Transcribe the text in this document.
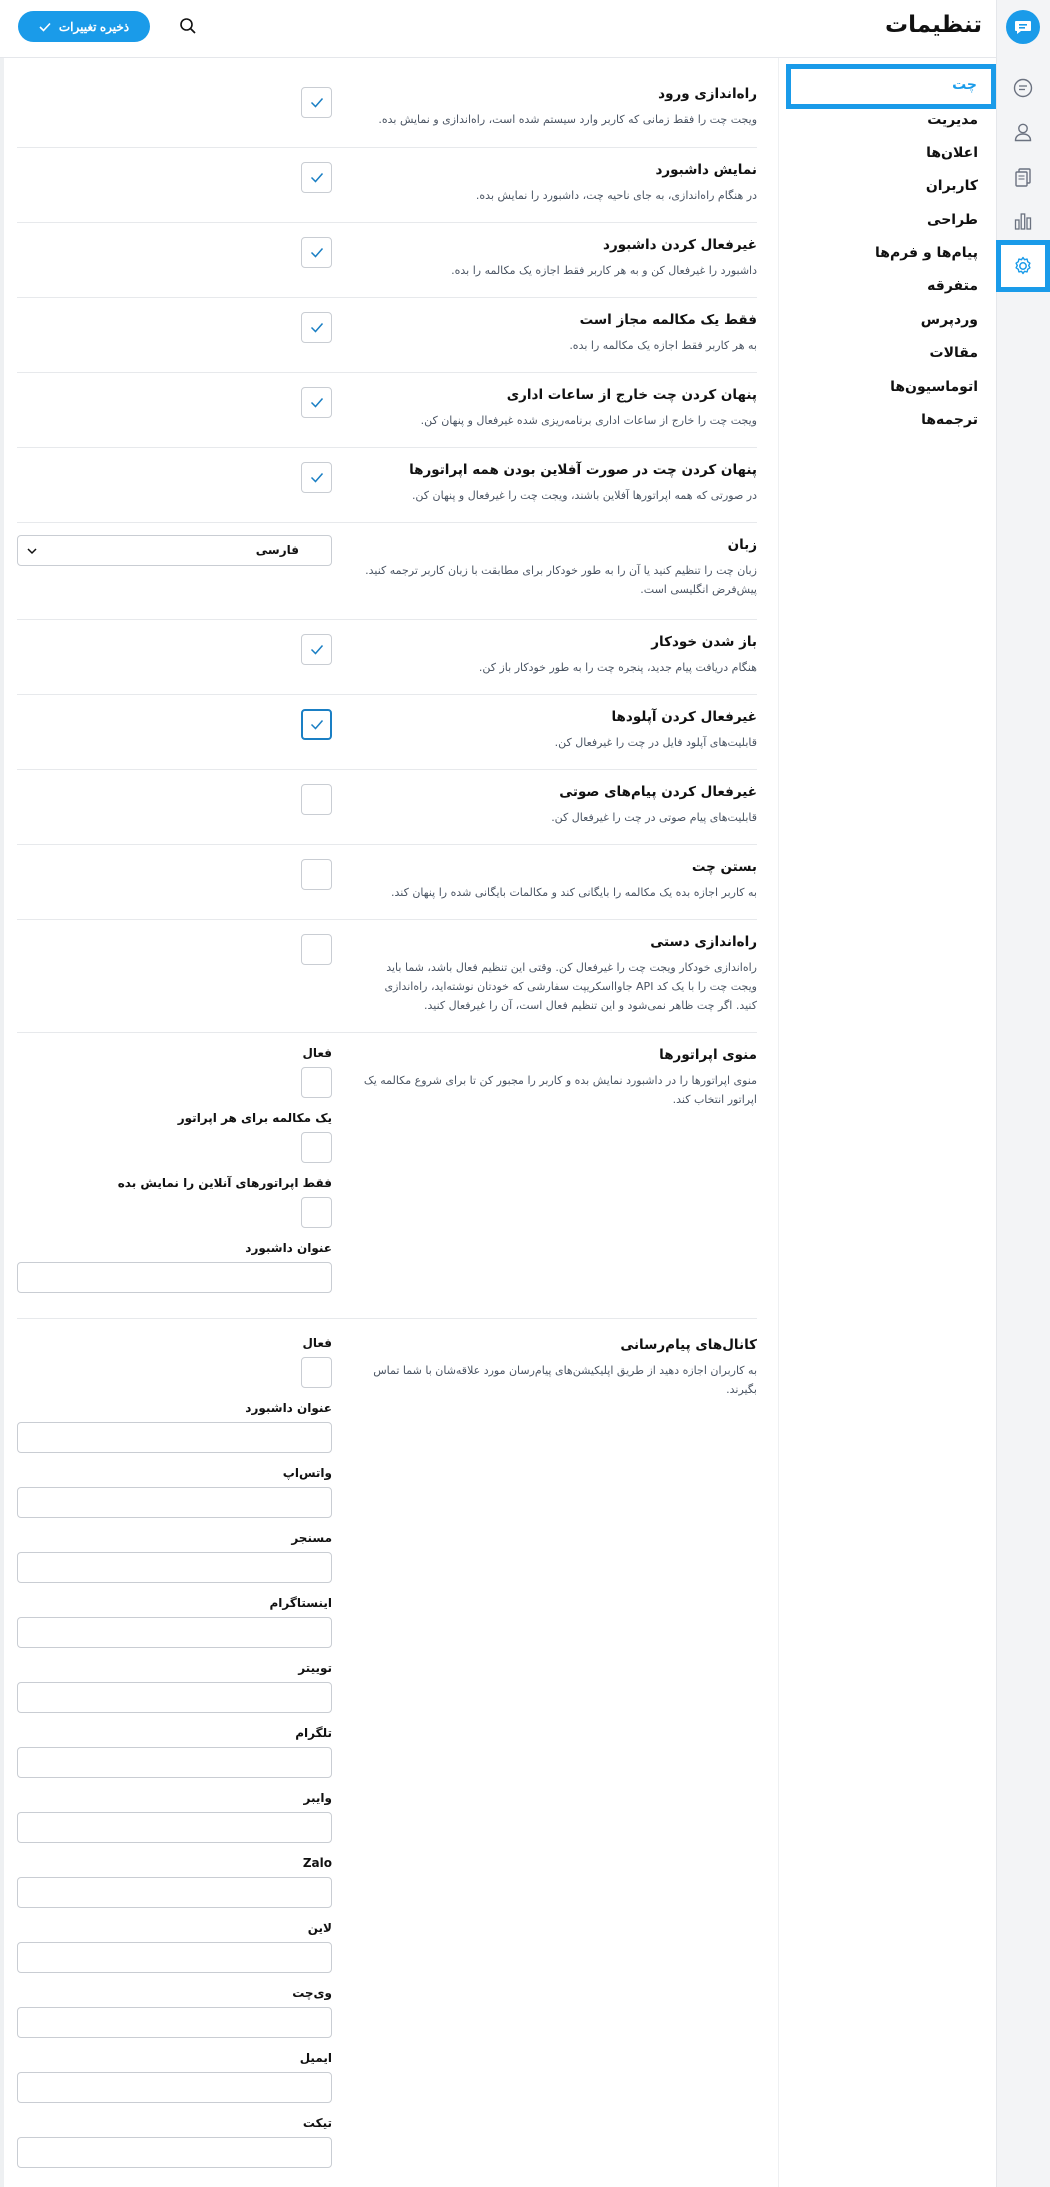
تنظیمات
ذخیره تغییرات
چت
مدیریت
اعلان‌ها
کاربران
طراحی
پیام‌ها و فرم‌ها
متفرقه
وردپرس
مقالات
اتوماسیون‌ها
ترجمه‌ها
راه‌اندازی ورود
ویجت چت را فقط زمانی که کاربر وارد سیستم شده است، راه‌اندازی و نمایش بده.
نمایش داشبورد
در هنگام راه‌اندازی، به جای ناحیه چت، داشبورد را نمایش بده.
غیرفعال کردن داشبورد
داشبورد را غیرفعال کن و به هر کاربر فقط اجازه یک مکالمه را بده.
فقط یک مکالمه مجاز است
به هر کاربر فقط اجازه یک مکالمه را بده.
پنهان کردن چت خارج از ساعات اداری
ویجت چت را خارج از ساعات اداری برنامه‌ریزی شده غیرفعال و پنهان کن.
پنهان کردن چت در صورت آفلاین بودن همه اپراتورها
در صورتی که همه اپراتورها آفلاین باشند، ویجت چت را غیرفعال و پنهان کن.
زبان
زبان چت را تنظیم کنید یا آن را به طور خودکار برای مطابقت با زبان کاربر ترجمه کنید. پیش‌فرض انگلیسی است.
فارسی
باز شدن خودکار
هنگام دریافت پیام جدید، پنجره چت را به طور خودکار باز کن.
غیرفعال کردن آپلودها
قابلیت‌های آپلود فایل در چت را غیرفعال کن.
غیرفعال کردن پیام‌های صوتی
قابلیت‌های پیام صوتی در چت را غیرفعال کن.
بستن چت
به کاربر اجازه بده یک مکالمه را بایگانی کند و مکالمات بایگانی شده را پنهان کند.
راه‌اندازی دستی
راه‌اندازی خودکار ویجت چت را غیرفعال کن. وقتی این تنظیم فعال باشد، شما باید ویجت چت را با یک کد API جاوااسکریپت سفارشی که خودتان نوشته‌اید، راه‌اندازی کنید. اگر چت ظاهر نمی‌شود و این تنظیم فعال است، آن را غیرفعال کنید.
منوی اپراتورها
منوی اپراتورها را در داشبورد نمایش بده و کاربر را مجبور کن تا برای شروع مکالمه یک اپراتور انتخاب کند.
فعال
یک مکالمه برای هر اپراتور
فقط اپراتورهای آنلاین را نمایش بده
عنوان داشبورد
کانال‌های پیام‌رسانی
به کاربران اجازه دهید از طریق اپلیکیشن‌های پیام‌رسان مورد علاقه‌شان با شما تماس بگیرند.
فعال
عنوان داشبورد
واتس‌اپ
مسنجر
اینستاگرام
توییتر
تلگرام
وایبر
Zalo
لاین
وی‌چت
ایمیل
تیکت
